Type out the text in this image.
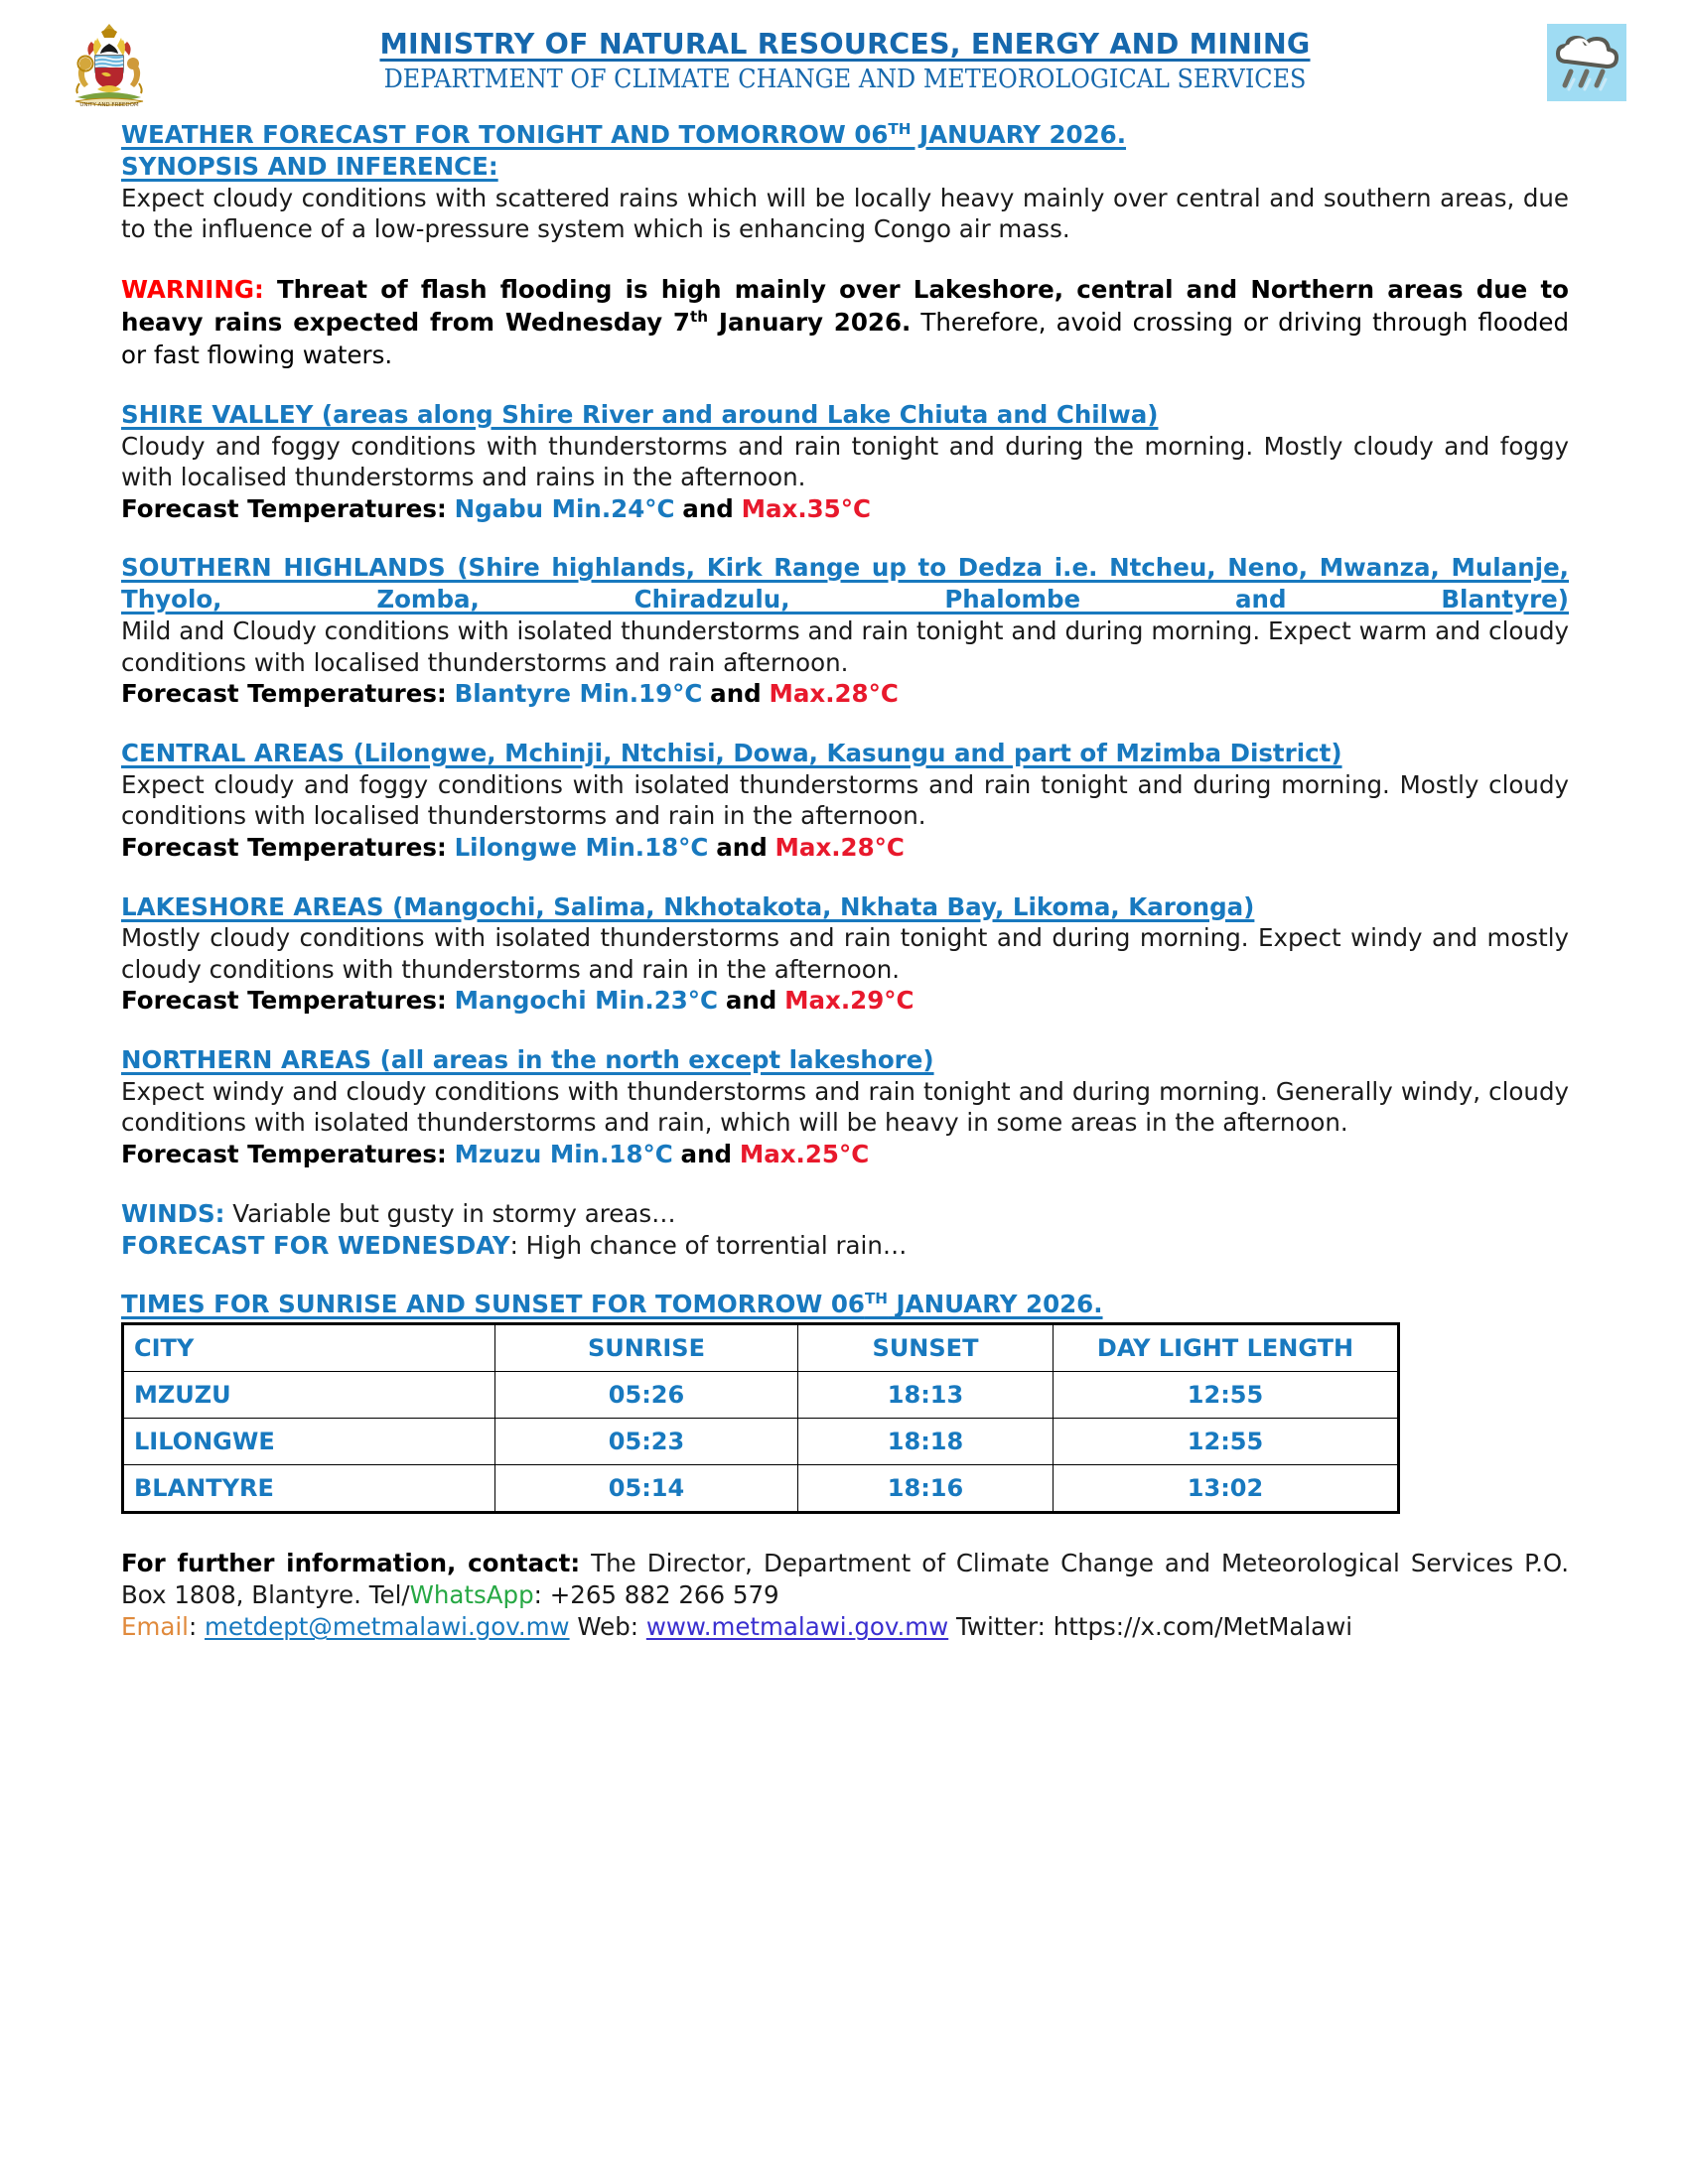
UNITY AND FREEDOM
MINISTRY OF NATURAL RESOURCES, ENERGY AND MINING
DEPARTMENT OF CLIMATE CHANGE AND METEOROLOGICAL SERVICES
WEATHER FORECAST FOR TONIGHT AND TOMORROW 06TH JANUARY 2026.
SYNOPSIS AND INFERENCE:

Expect cloudy conditions with scattered rains which will be locally heavy mainly over central and southern areas, due to the influence of a low-pressure system which is enhancing Congo air mass.

WARNING: Threat of flash flooding is high mainly over Lakeshore, central and Northern areas due to heavy rains expected from Wednesday 7th January 2026. Therefore, avoid crossing or driving through flooded or fast flowing waters.

SHIRE VALLEY (areas along Shire River and around Lake Chiuta and Chilwa)

Cloudy and foggy conditions with thunderstorms and rain tonight and during the morning. Mostly cloudy and foggy with localised thunderstorms and rains in the afternoon.

Forecast Temperatures: Ngabu Min.24°C and Max.35°C

SOUTHERN HIGHLANDS (Shire highlands, Kirk Range up to Dedza i.e. Ntcheu, Neno, Mwanza, Mulanje, Thyolo, Zomba, Chiradzulu, Phalombe and Blantyre)

Mild and Cloudy conditions with isolated thunderstorms and rain tonight and during morning. Expect warm and cloudy conditions with localised thunderstorms and rain afternoon.

Forecast Temperatures: Blantyre Min.19°C and Max.28°C

CENTRAL AREAS (Lilongwe, Mchinji, Ntchisi, Dowa, Kasungu and part of Mzimba District)

Expect cloudy and foggy conditions with isolated thunderstorms and rain tonight and during morning. Mostly cloudy conditions with localised thunderstorms and rain in the afternoon.

Forecast Temperatures: Lilongwe Min.18°C and Max.28°C

LAKESHORE AREAS (Mangochi, Salima, Nkhotakota, Nkhata Bay, Likoma, Karonga)

Mostly cloudy conditions with isolated thunderstorms and rain tonight and during morning. Expect windy and mostly cloudy conditions with thunderstorms and rain in the afternoon.

Forecast Temperatures: Mangochi Min.23°C and Max.29°C

NORTHERN AREAS (all areas in the north except lakeshore)

Expect windy and cloudy conditions with thunderstorms and rain tonight and during morning. Generally windy, cloudy conditions with isolated thunderstorms and rain, which will be heavy in some areas in the afternoon.

Forecast Temperatures: Mzuzu Min.18°C and Max.25°C

WINDS: Variable but gusty in stormy areas…

FORECAST FOR WEDNESDAY: High chance of torrential rain…

TIMES FOR SUNRISE AND SUNSET FOR TOMORROW 06TH JANUARY 2026.
CITY	SUNRISE	SUNSET	DAY LIGHT LENGTH
MZUZU	05:26	18:13	12:55
LILONGWE	05:23	18:18	12:55
BLANTYRE	05:14	18:16	13:02

For further information, contact: The Director, Department of Climate Change and Meteorological Services P.O. Box 1808, Blantyre. Tel/WhatsApp: +265 882 266 579

Email: metdept@metmalawi.gov.mw Web: www.metmalawi.gov.mw Twitter: https://x.com/MetMalawi
